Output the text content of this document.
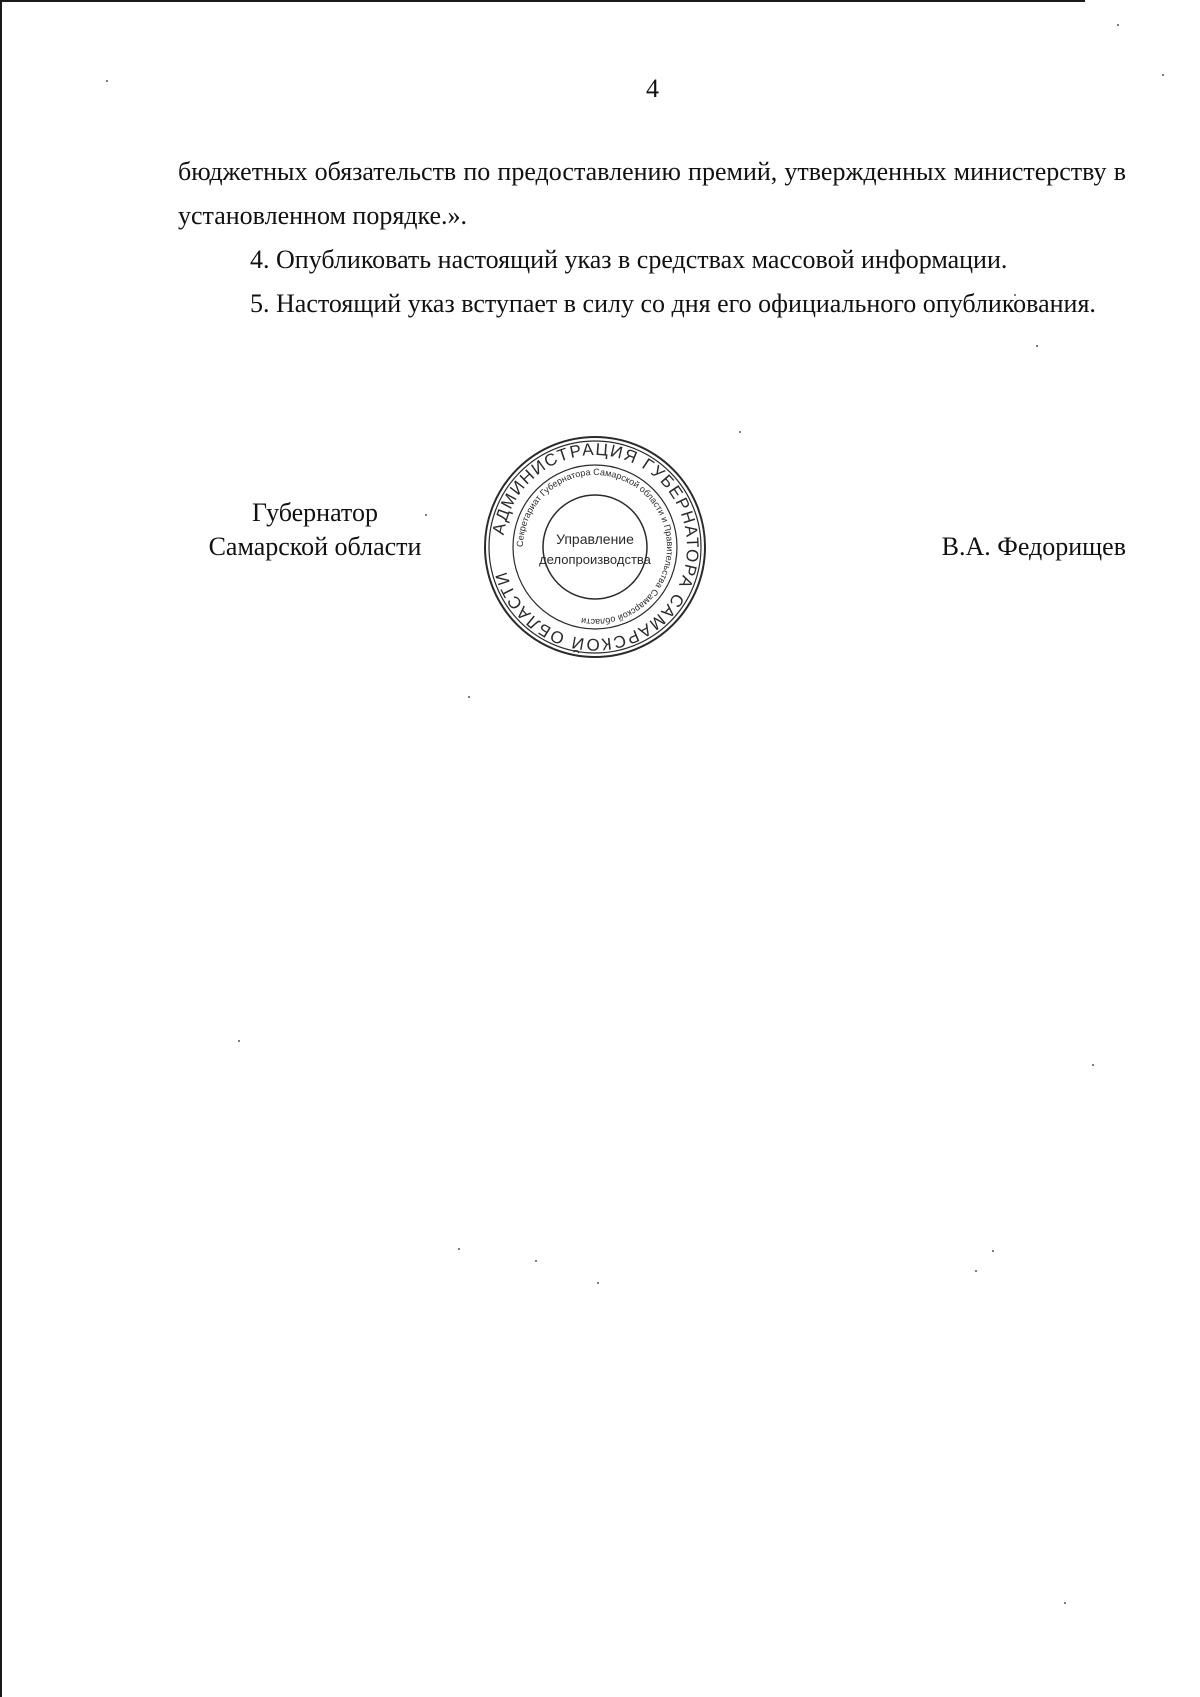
4

бюджетных обязательств по предоставлению премий, утвержденных министерству в установленном порядке.».

4. Опубликовать настоящий указ в средствах массовой информации.

5. Настоящий указ вступает в силу со дня его официального опубликования.

Губернатор
Самарской области
АДМИНИСТРАЦИЯ ГУБЕРНАТОРА САМАРСКОЙ ОБЛАСТИ
Секретариат Губернатора Самарской области и Правительства Самарской области
Управление
делопроизводства	В.А. Федорищев
